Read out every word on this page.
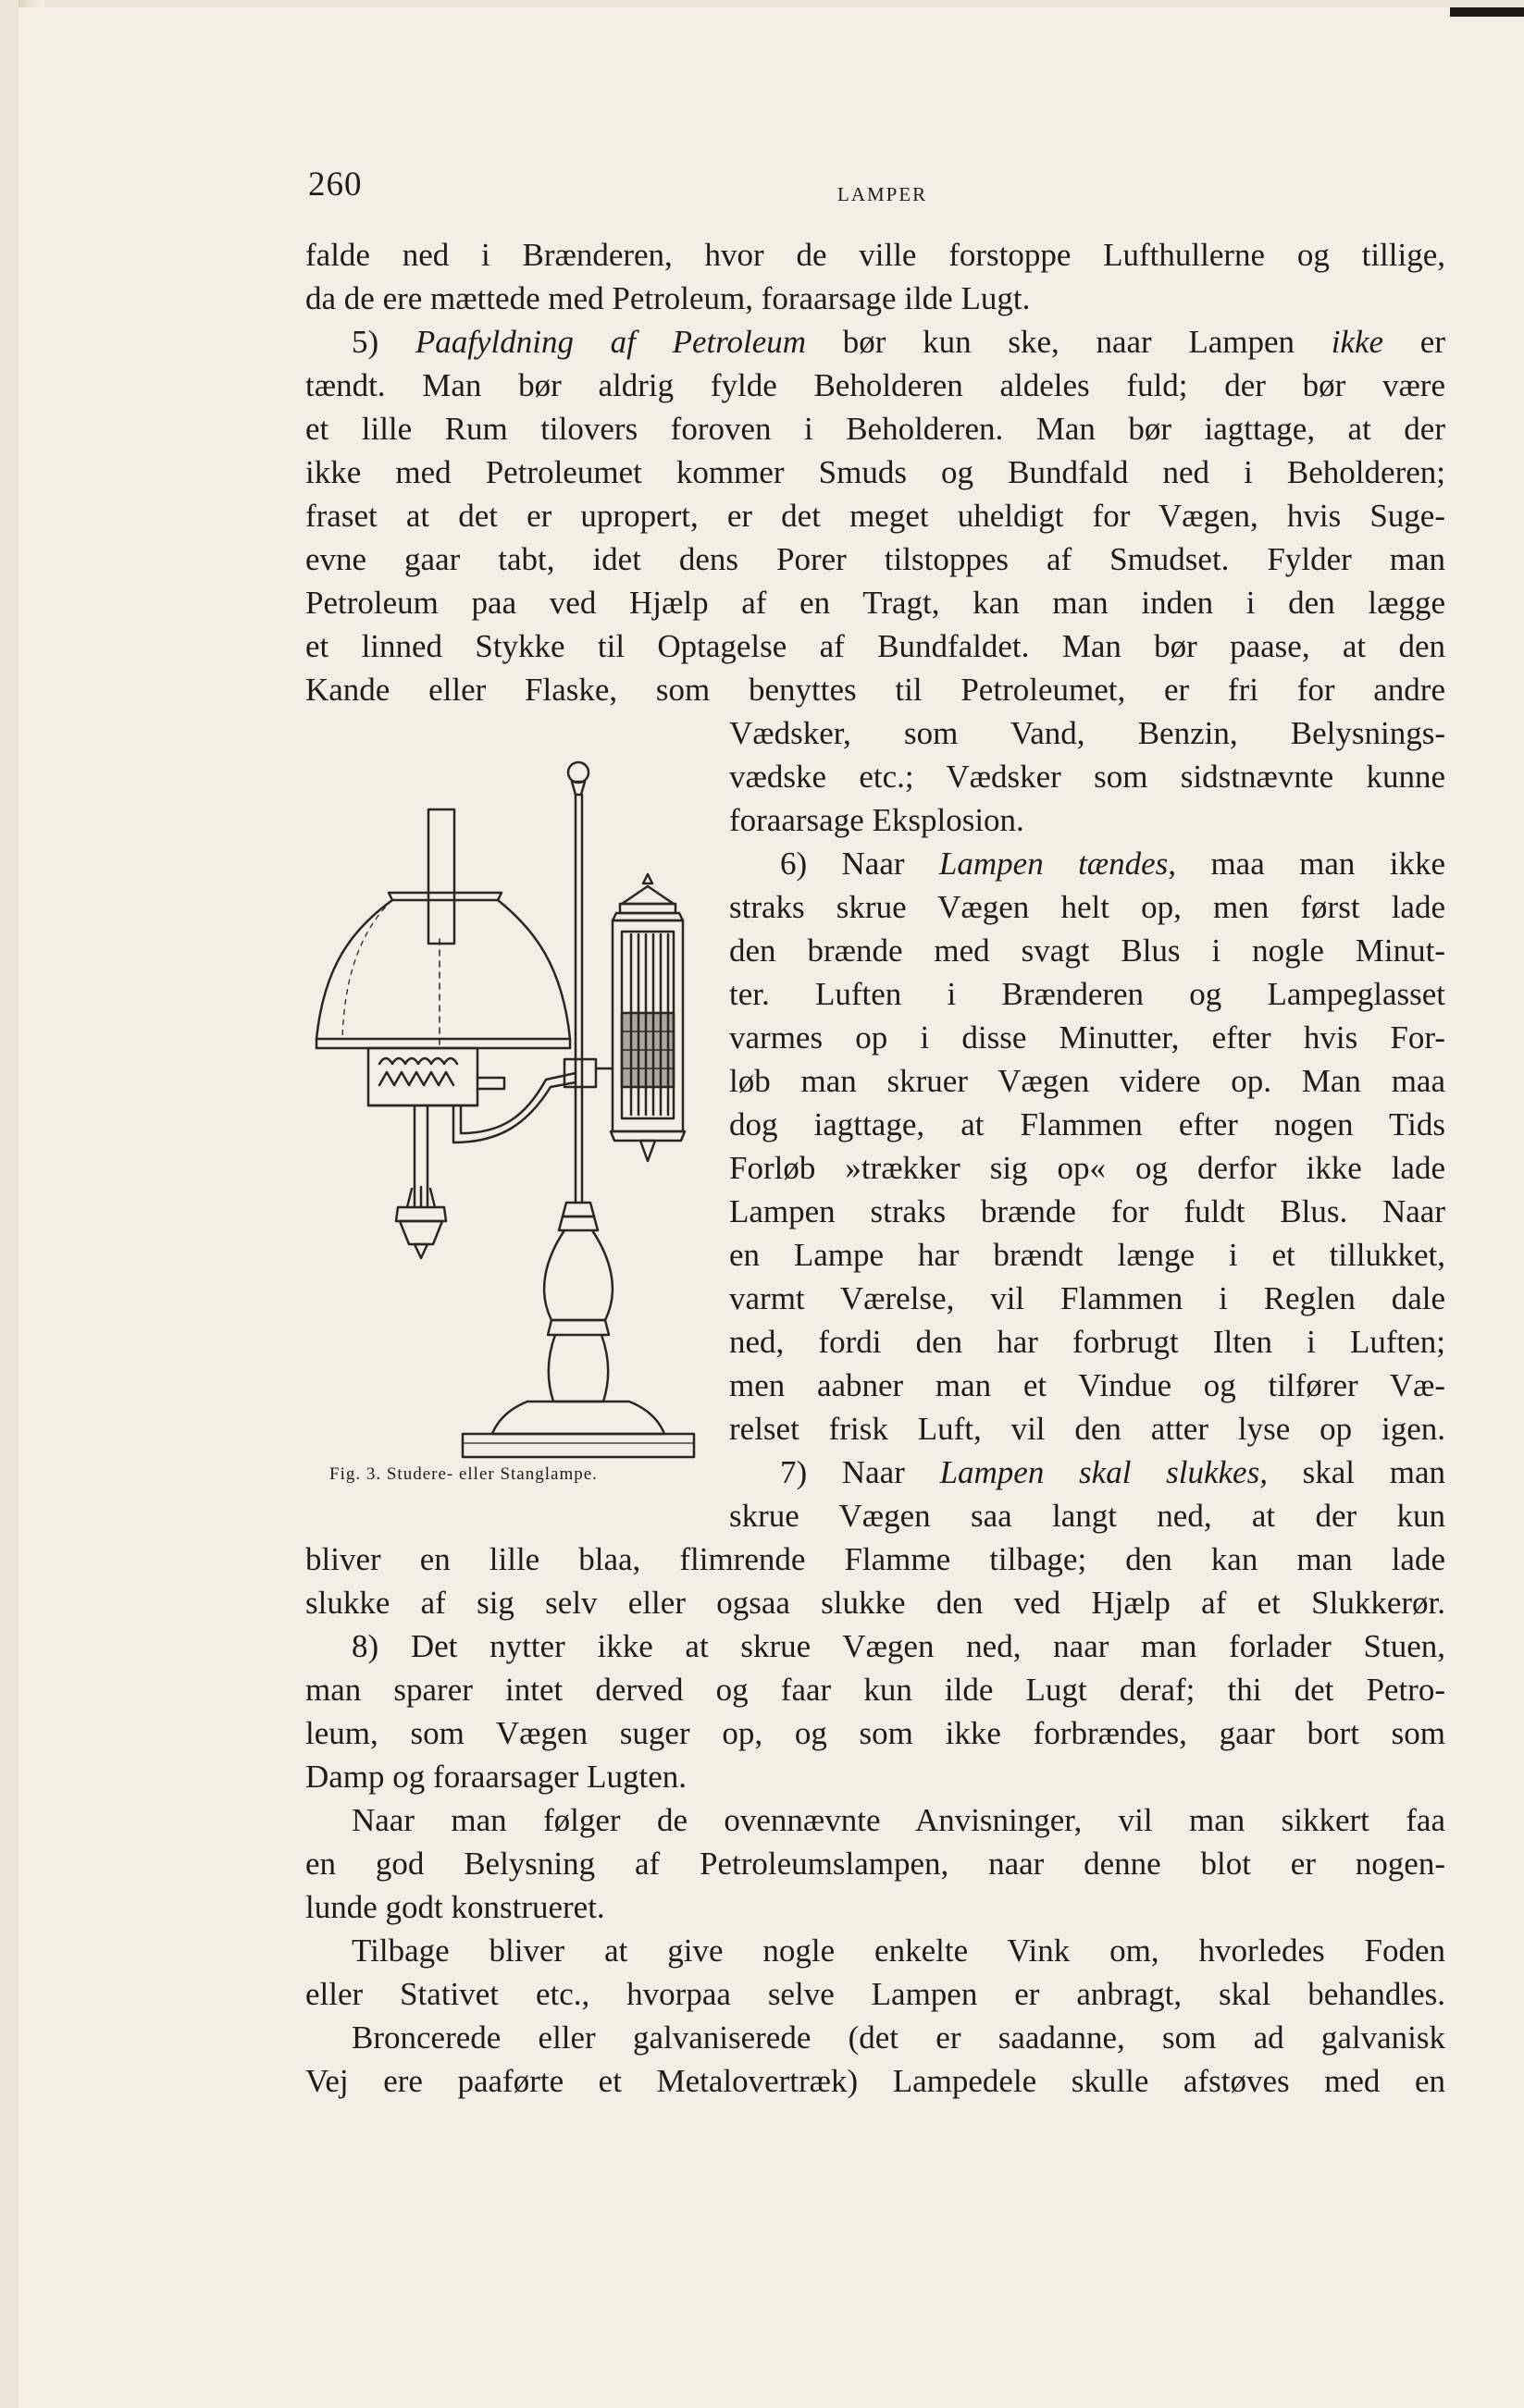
260	LAMPER
falde ned i Brænderen, hvor de ville forstoppe Lufthullerne og tillige,
da de ere mættede med Petroleum, foraarsage ilde Lugt.
5) Paafyldning af Petroleum bør kun ske, naar Lampen ikke er
tændt. Man bør aldrig fylde Beholderen aldeles fuld; der bør være
et lille Rum tilovers foroven i Beholderen. Man bør iagttage, at der
ikke med Petroleumet kommer Smuds og Bundfald ned i Beholderen;
fraset at det er upropert, er det meget uheldigt for Vægen, hvis Suge-
evne gaar tabt, idet dens Porer tilstoppes af Smudset. Fylder man
Petroleum paa ved Hjælp af en Tragt, kan man inden i den lægge
et linned Stykke til Optagelse af Bundfaldet. Man bør paase, at den
Kande eller Flaske, som benyttes til Petroleumet, er fri for andre
Vædsker, som Vand, Benzin, Belysnings-
vædske etc.; Vædsker som sidstnævnte kunne
foraarsage Eksplosion.
6) Naar Lampen tændes, maa man ikke
straks skrue Vægen helt op, men først lade
den brænde med svagt Blus i nogle Minut-
ter. Luften i Brænderen og Lampeglasset
varmes op i disse Minutter, efter hvis For-
løb man skruer Vægen videre op. Man maa
dog iagttage, at Flammen efter nogen Tids
Forløb »trækker sig op« og derfor ikke lade
Lampen straks brænde for fuldt Blus. Naar
en Lampe har brændt længe i et tillukket,
varmt Værelse, vil Flammen i Reglen dale
ned, fordi den har forbrugt Ilten i Luften;
men aabner man et Vindue og tilfører Væ-
relset frisk Luft, vil den atter lyse op igen.
7) Naar Lampen skal slukkes, skal man
skrue Vægen saa langt ned, at der kun
bliver en lille blaa, flimrende Flamme tilbage; den kan man lade
slukke af sig selv eller ogsaa slukke den ved Hjælp af et Slukkerør.
8) Det nytter ikke at skrue Vægen ned, naar man forlader Stuen,
man sparer intet derved og faar kun ilde Lugt deraf; thi det Petro-
leum, som Vægen suger op, og som ikke forbrændes, gaar bort som
Damp og foraarsager Lugten.
Naar man følger de ovennævnte Anvisninger, vil man sikkert faa
en god Belysning af Petroleumslampen, naar denne blot er nogen-
lunde godt konstrueret.
Tilbage bliver at give nogle enkelte Vink om, hvorledes Foden
eller Stativet etc., hvorpaa selve Lampen er anbragt, skal behandles.
Broncerede eller galvaniserede (det er saadanne, som ad galvanisk
Vej ere paaførte et Metalovertræk) Lampedele skulle afstøves med en
Fig. 3. Studere- eller Stanglampe.
